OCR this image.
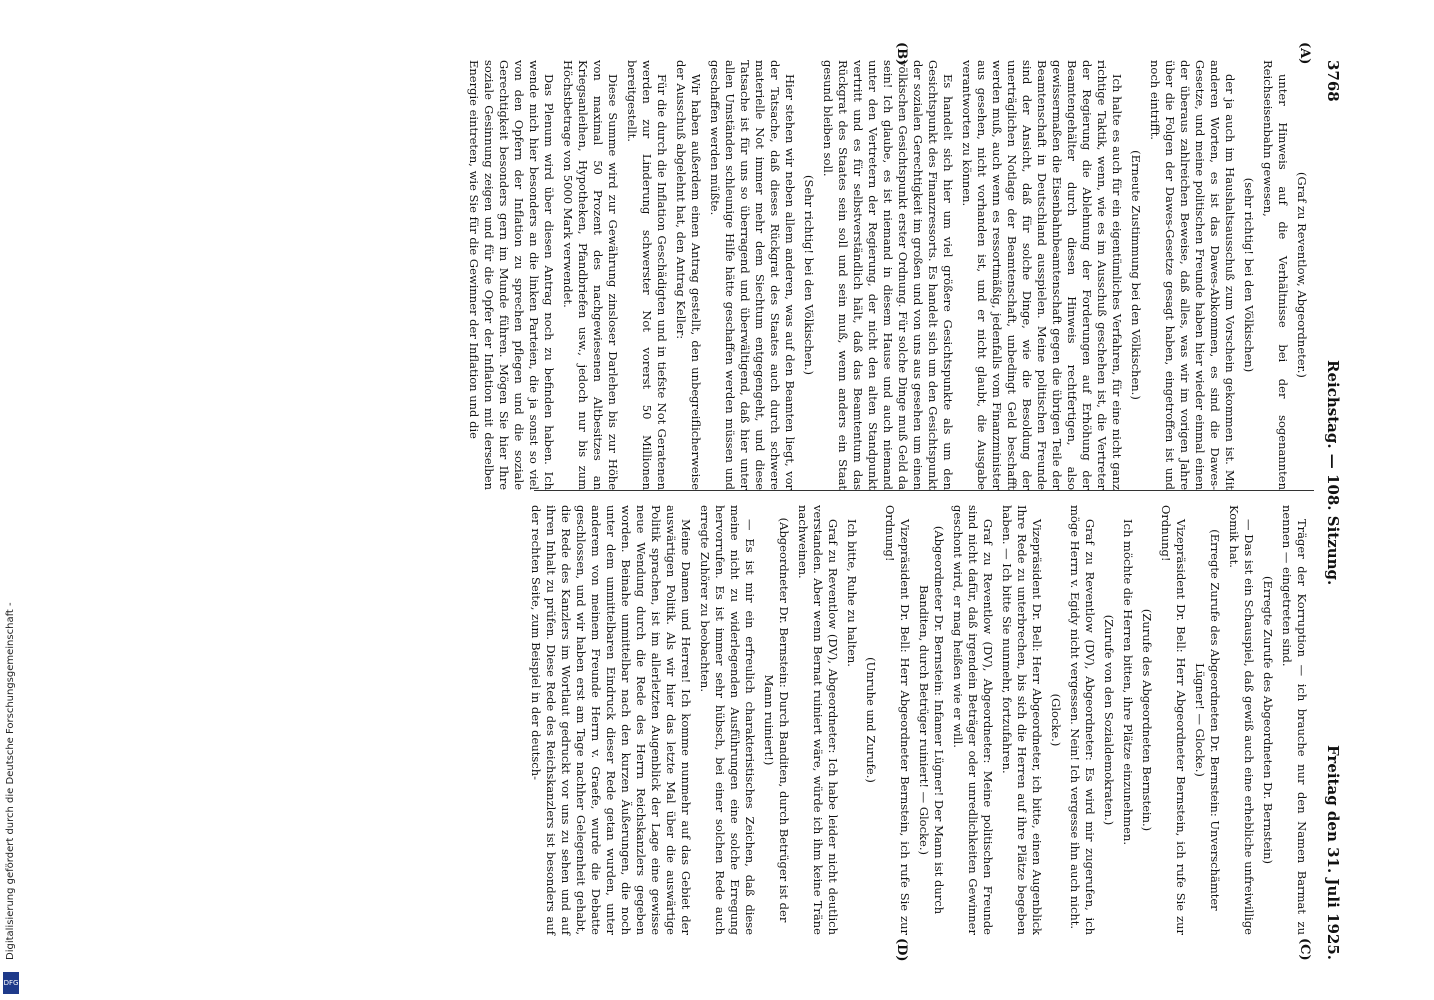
3768
Reichstag. — 108. Sitzung.
Freitag den 31. Juli 1925.
(A)
(B)
(C)
(D)

(Graf zu Reventlow, Abgeordneter.)

unter Hinweis auf die Verhältnisse bei der sogenannten Reichseisenbahn gewesen,

(sehr richtig! bei den Völkischen)

der ja auch im Haushaltsausschuß zum Vorschein gekommen ist. Mit anderen Worten, es ist das Dawes-Abkommen, es sind die Dawes-Gesetze, und meine politischen Freunde haben hier wieder einmal einen der überaus zahlreichen Beweise, daß alles, was wir im vorigen Jahre über die Folgen der Dawes-Gesetze gesagt haben, eingetroffen ist und noch eintrifft.

(Erneute Zustimmung bei den Völkischen.)

Ich halte es auch für ein eigentümliches Verfahren, für eine nicht ganz richtige Taktik, wenn, wie es im Ausschuß geschehen ist, die Vertreter der Regierung die Ablehnung der Forderungen auf Erhöhung der Beamtengehälter durch diesen Hinweis rechtfertigen, also gewissermaßen die Eisenbahnbeamtenschaft gegen die übrigen Teile der Beamtenschaft in Deutschland ausspielen. Meine politischen Freunde sind der Ansicht, daß für solche Dinge, wie die Besoldung der unerträglichen Notlage der Beamtenschaft, unbedingt Geld beschafft werden muß, auch wenn es ressortmäßig, jedenfalls vom Finanzminister aus gesehen, nicht vorhanden ist, und er nicht glaubt, die Ausgabe verantworten zu können.

Es handelt sich hier um viel größere Gesichtspunkte als um den Gesichtspunkt des Finanzressorts. Es handelt sich um den Gesichtspunkt der sozialen Gerechtigkeit im großen und von uns aus gesehen um einen völkischen Gesichtspunkt erster Ordnung. Für solche Dinge muß Geld da sein! Ich glaube, es ist niemand in diesem Hause und auch niemand unter den Vertretern der Regierung, der nicht den alten Standpunkt vertritt und es für selbstverständlich hält, daß das Beamtentum das Rückgrat des Staates sein soll und sein muß, wenn anders ein Staat gesund bleiben soll.

(Sehr richtig! bei den Völkischen.)

Hier stehen wir neben allem anderen, was auf den Beamten liegt, vor der Tatsache, daß dieses Rückgrat des Staates auch durch schwere materielle Not immer mehr dem Siechtum entgegengeht, und diese Tatsache ist für uns so überragend und überwältigend, daß hier unter allen Umständen schleunige Hilfe hätte geschaffen werden müssen und geschaffen werden müßte.

Wir haben außerdem einen Antrag gestellt, den unbegreiflicherweise der Ausschuß abgelehnt hat, den Antrag Keller:

Für die durch die Inflation Geschädigten und in tiefste Not Geratenen werden zur Linderung schwerster Not vorerst 50 Millionen bereitgestellt.

Diese Summe wird zur Gewährung zinsloser Darlehen bis zur Höhe von maximal 50 Prozent des nachgewiesenen Altbesitzes an Kriegsanleihen, Hypotheken, Pfandbriefen usw., jedoch nur bis zum Höchstbetrage von 5000 Mark verwendet.

Das Plenum wird über diesen Antrag noch zu befinden haben. Ich wende mich hier besonders an die linken Parteien, die ja sonst so viel von den Opfern der Inflation zu sprechen pflegen und die soziale Gerechtigkeit besonders gern im Munde führen. Mögen Sie hier Ihre soziale Gesinnung zeigen und für die Opfer der Inflation mit derselben Energie eintreten, wie Sie für die Gewinner der Inflation und die

Träger der Korruption — ich brauche nur den Namen Barmat zu nennen — eingetreten sind.

(Erregte Zurufe des Abgeordneten Dr. Bernstein)

— Das ist ein Schauspiel, daß gewiß auch eine erhebliche unfreiwillige Komik hat.

(Erregte Zurufe des Abgeordneten Dr. Bernstein: Unverschämter Lügner! — Glocke.)

Vizepräsident Dr. Bell: Herr Abgeordneter Bernstein, ich rufe Sie zur Ordnung!

(Zurufe des Abgeordneten Bernstein.)

Ich möchte die Herren bitten, ihre Plätze einzunehmen.

(Zurufe von den Sozialdemokraten.)

Graf zu Reventlow (DV), Abgeordneter: Es wird mir zugerufen, ich möge Herrn v. Egidy nicht vergessen. Nein! Ich vergesse ihn auch nicht.

(Glocke.)

Vizepräsident Dr. Bell: Herr Abgeordneter, ich bitte, einen Augenblick Ihre Rede zu unterbrechen, bis sich die Herren auf ihre Plätze begeben haben. — Ich bitte Sie nunmehr, fortzufahren.

Graf zu Reventlow (DV), Abgeordneter: Meine politischen Freunde sind nicht dafür, daß irgendein Beträger oder unredlichkeiten Gewinner geschont wird, er mag heißen wie er will.

(Abgeordneter Dr. Bernstein: Infamer Lügner! Der Mann ist durch Banditen, durch Betrüger ruiniert! — Glocke.)

Vizepräsident Dr. Bell: Herr Abgeordneter Bernstein, ich rufe Sie zur Ordnung!

(Unruhe und Zurufe.)

Ich bitte, Ruhe zu halten.

Graf zu Reventlow (DV), Abgeordneter: Ich habe leider nicht deutlich verstanden. Aber wenn Bernat ruiniert wäre, würde ich ihm keine Träne nachweinen.

(Abgeordneter Dr. Bernstein: Durch Banditen, durch Betrüger ist der Mann ruiniert!)

— Es ist mir ein erfreulich charakteristisches Zeichen, daß diese meine nicht zu widerlegenden Ausführungen eine solche Erregung hervorrufen. Es ist immer sehr hübsch, bei einer solchen Rede auch erregte Zuhörer zu beobachten.

Meine Damen und Herren! Ich komme nunmehr auf das Gebiet der auswärtigen Politik. Als wir hier das letzte Mal über die auswärtige Politik sprachen, ist im allerletzten Augenblick der Lage eine gewisse neue Wendung durch die Rede des Herrn Reichskanzlers gegeben worden. Beinahe unmittelbar nach den kurzen Äußerungen, die noch unter dem unmittelbaren Eindruck dieser Rede getan wurden, unter anderem von meinem Freunde Herrn v. Graefe, wurde die Debatte geschlossen, und wir haben erst am Tage nachher Gelegenheit gehabt, die Rede des Kanzlers im Wortlaut gedruckt vor uns zu sehen und auf ihren Inhalt zu prüfen. Diese Rede des Reichskanzlers ist besonders auf der rechten Seite, zum Beispiel in der deutsch-

Digitalisierung gefördert durch die Deutsche Forschungsgemeinschaft -
DFG
